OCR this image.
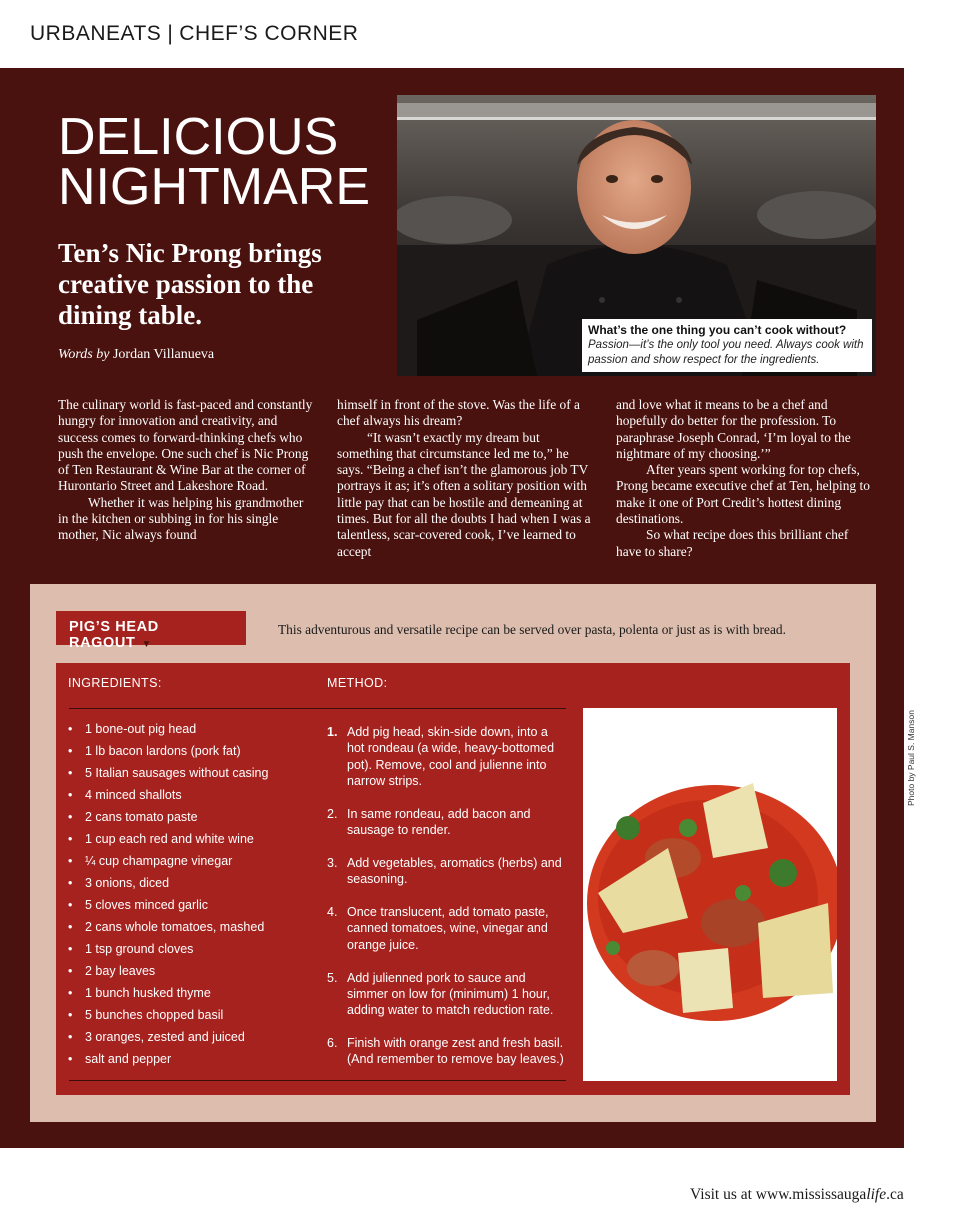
URBANEATS | CHEF’S CORNER
DELICIOUS
NIGHTMARE
Ten’s Nic Prong brings creative passion to the dining table.
Words by Jordan Villanueva
What’s the one thing you can’t cook without?
Passion—it’s the only tool you need. Always cook with passion and show respect for the ingredients.

The culinary world is fast-paced and constantly hungry for innovation and creativity, and success comes to forward-thinking chefs who push the envelope. One such chef is Nic Prong of Ten Restaurant & Wine Bar at the corner of Hurontario Street and Lakeshore Road.

Whether it was helping his grandmother in the kitchen or subbing in for his single mother, Nic always found

himself in front of the stove. Was the life of a chef always his dream?

“It wasn’t exactly my dream but something that circumstance led me to,” he says. “Being a chef isn’t the glamorous job TV portrays it as; it’s often a solitary position with little pay that can be hostile and demeaning at times. But for all the doubts I had when I was a talentless, scar-covered cook, I’ve learned to accept

and love what it means to be a chef and hopefully do better for the profession. To paraphrase Joseph Conrad, ‘I’m loyal to the nightmare of my choosing.’”

After years spent working for top chefs, Prong became executive chef at Ten, helping to make it one of Port Credit’s hottest dining destinations.

So what recipe does this brilliant chef have to share?

PIG’S HEAD RAGOUT ▼
This adventurous and versatile recipe can be served over pasta, polenta or just as is with bread.
INGREDIENTS:	METHOD:
• 1 bone-out pig head
• 1 lb bacon lardons (pork fat)
• 5 Italian sausages without casing
• 4 minced shallots
• 2 cans tomato paste
• 1 cup each red and white wine
• ¼ cup champagne vinegar
• 3 onions, diced
• 5 cloves minced garlic
• 2 cans whole tomatoes, mashed
• 1 tsp ground cloves
• 2 bay leaves
• 1 bunch husked thyme
• 5 bunches chopped basil
• 3 oranges, zested and juiced
• salt and pepper
1. Add pig head, skin-side down, into a hot rondeau (a wide, heavy-bottomed pot). Remove, cool and julienne into narrow strips.
2. In same rondeau, add bacon and sausage to render.
3. Add vegetables, aromatics (herbs) and seasoning.
4. Once translucent, add tomato paste, canned tomatoes, wine, vinegar and orange juice.
5. Add julienned pork to sauce and simmer on low for (minimum) 1 hour, adding water to match reduction rate.
6. Finish with orange zest and fresh basil. (And remember to remove bay leaves.)
Photo by Paul S. Manson
Visit us at www.mississaugalife.ca
